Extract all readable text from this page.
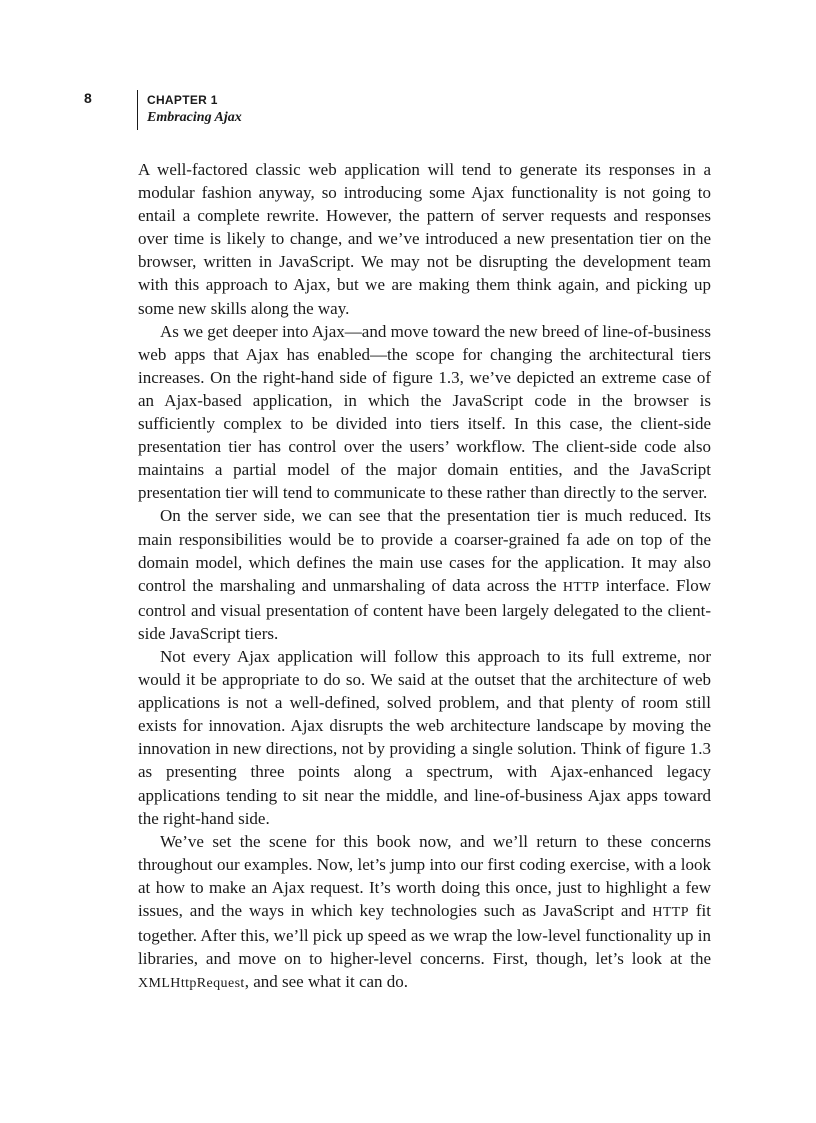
8	CHAPTER 1
Embracing Ajax

A well-factored classic web application will tend to generate its responses in a modular fashion anyway, so introducing some Ajax functionality is not going to entail a complete rewrite. However, the pattern of server requests and responses over time is likely to change, and we’ve introduced a new presentation tier on the browser, written in JavaScript. We may not be disrupting the development team with this approach to Ajax, but we are making them think again, and picking up some new skills along the way.

As we get deeper into Ajax—and move toward the new breed of line-of-business web apps that Ajax has enabled—the scope for changing the architectural tiers increases. On the right-hand side of figure 1.3, we’ve depicted an extreme case of an Ajax-based application, in which the JavaScript code in the browser is sufficiently complex to be divided into tiers itself. In this case, the client-side presentation tier has control over the users’ workflow. The client-side code also maintains a partial model of the major domain entities, and the JavaScript presentation tier will tend to communicate to these rather than directly to the server.

On the server side, we can see that the presentation tier is much reduced. Its main responsibilities would be to provide a coarser-grained fa ade on top of the domain model, which defines the main use cases for the application. It may also control the marshaling and unmarshaling of data across the HTTP interface. Flow control and visual presentation of content have been largely delegated to the client-side JavaScript tiers.

Not every Ajax application will follow this approach to its full extreme, nor would it be appropriate to do so. We said at the outset that the architecture of web applications is not a well-defined, solved problem, and that plenty of room still exists for innovation. Ajax disrupts the web architecture landscape by moving the innovation in new directions, not by providing a single solution. Think of figure 1.3 as presenting three points along a spectrum, with Ajax-enhanced legacy applications tending to sit near the middle, and line-of-business Ajax apps toward the right-hand side.

We’ve set the scene for this book now, and we’ll return to these concerns throughout our examples. Now, let’s jump into our first coding exercise, with a look at how to make an Ajax request. It’s worth doing this once, just to highlight a few issues, and the ways in which key technologies such as JavaScript and HTTP fit together. After this, we’ll pick up speed as we wrap the low-level functionality up in libraries, and move on to higher-level concerns. First, though, let’s look at the XMLHttpRequest, and see what it can do.
